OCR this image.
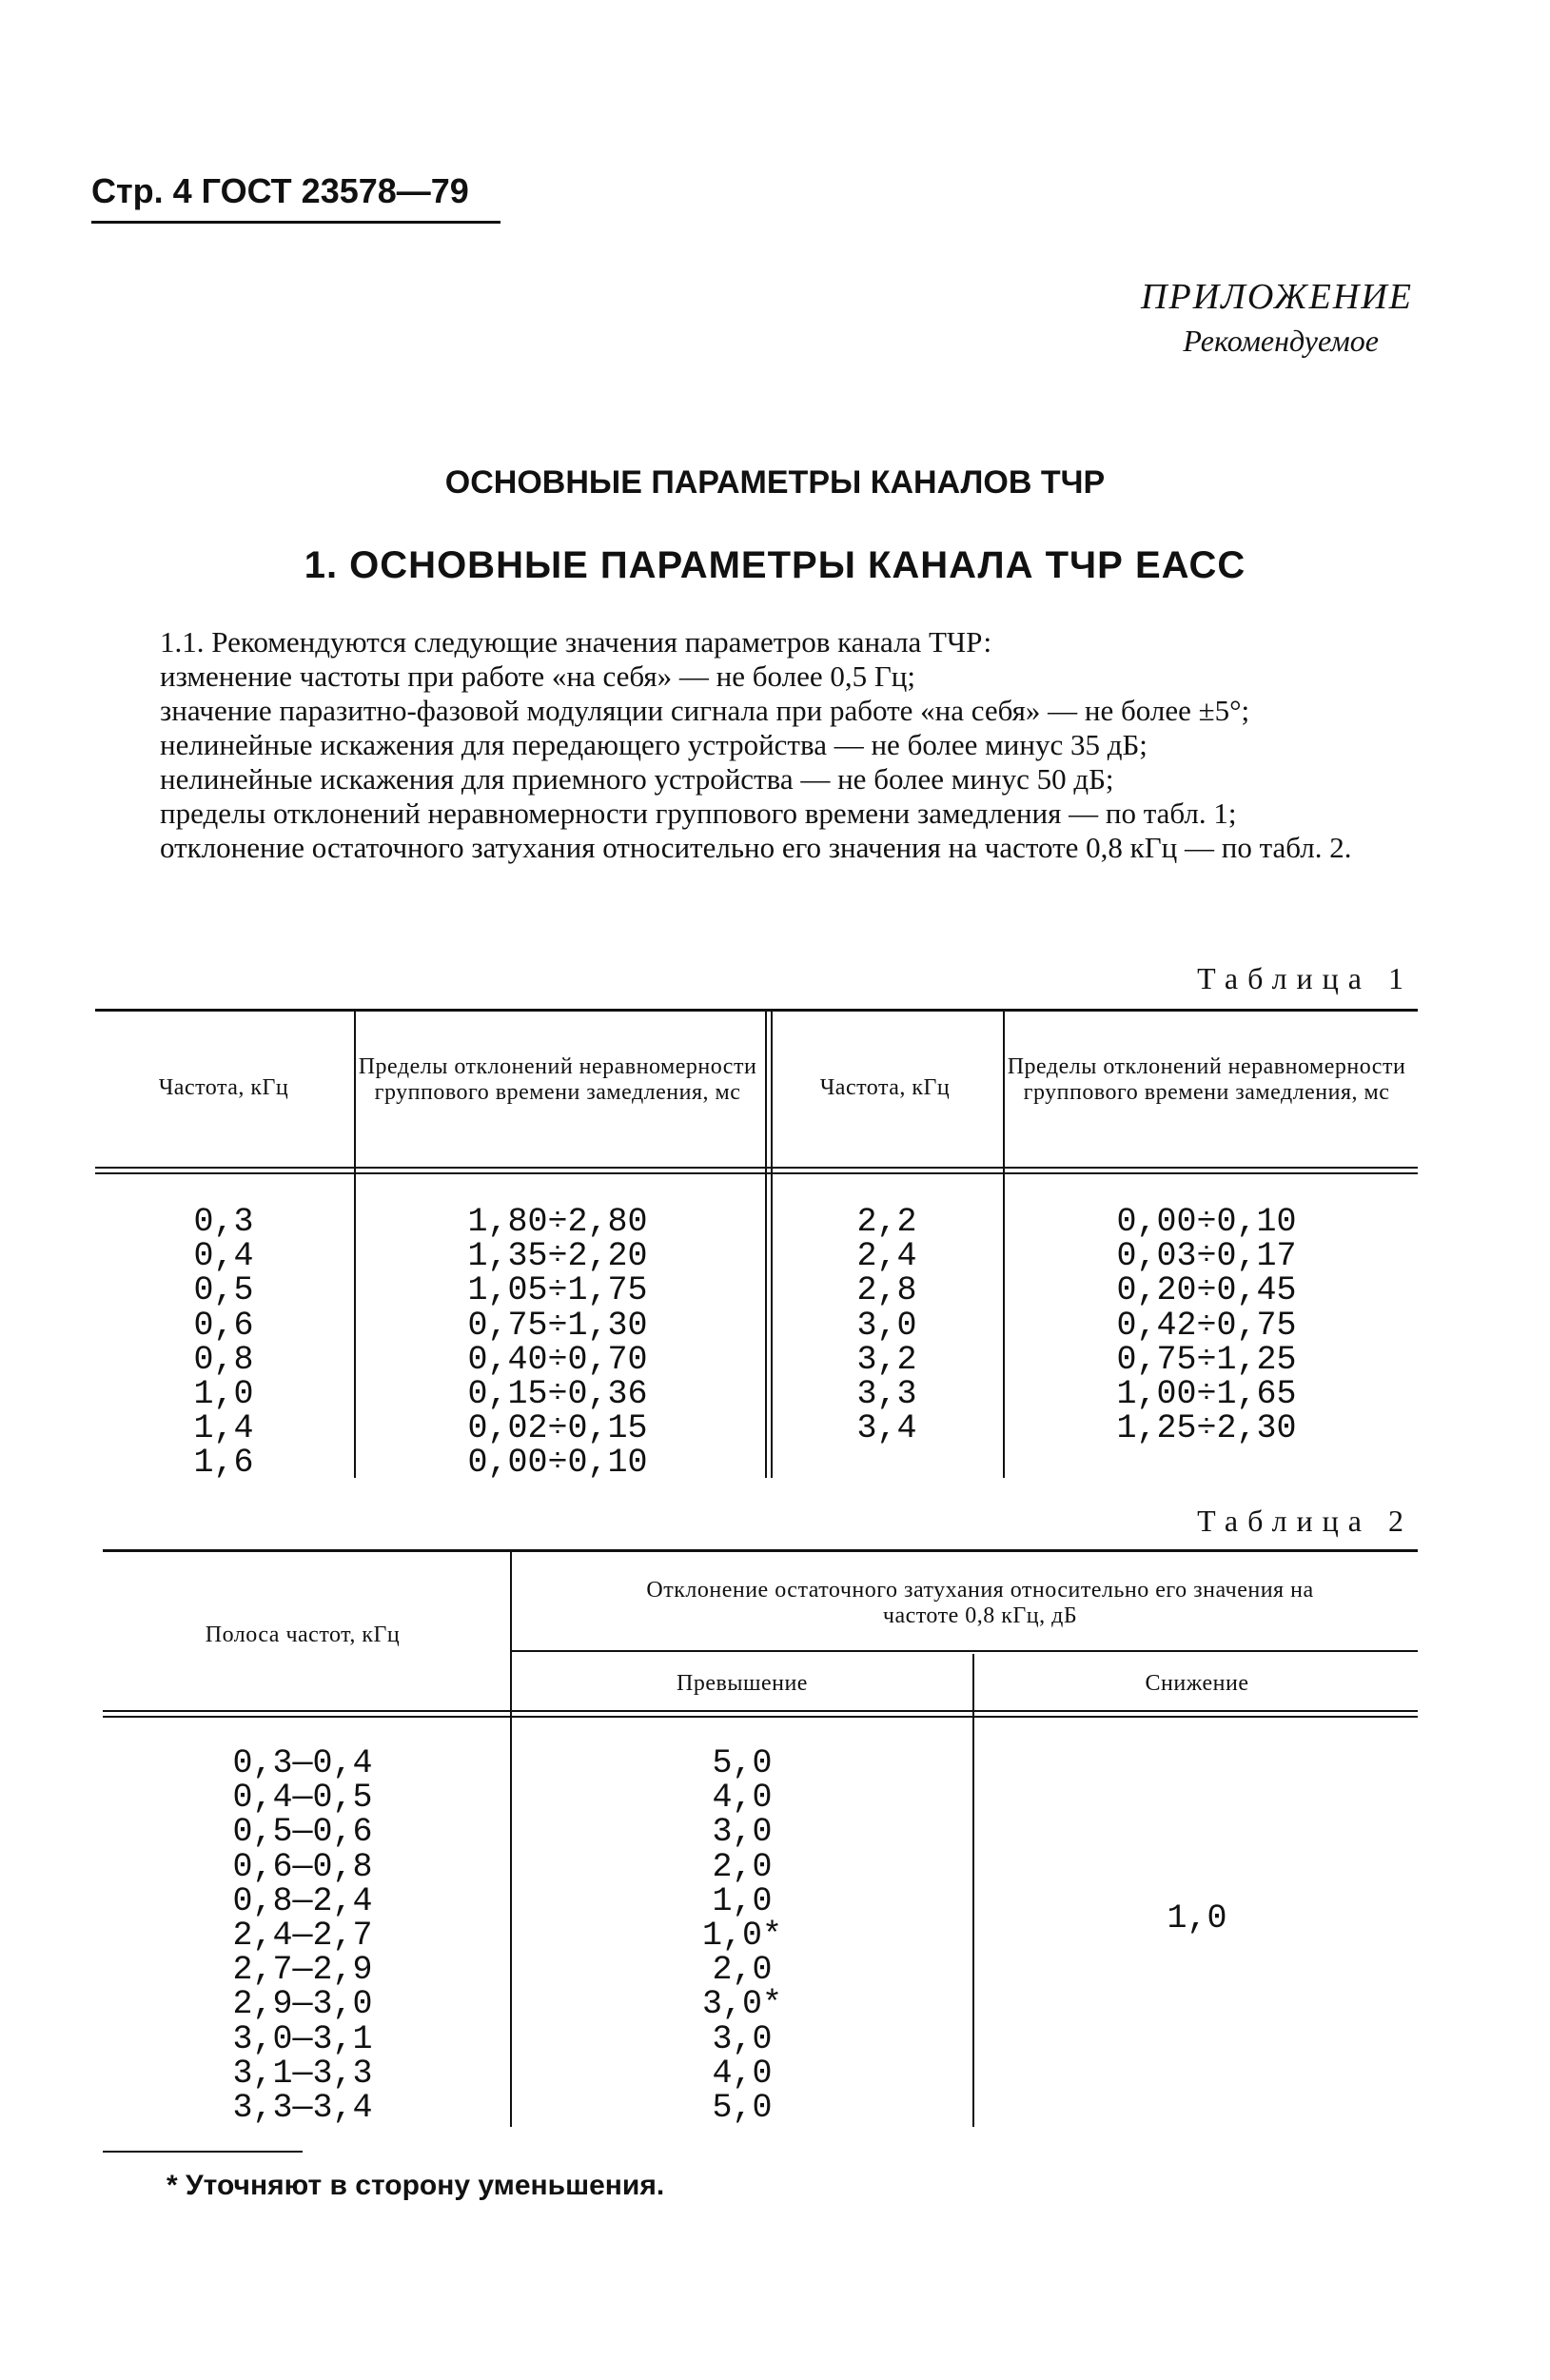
Стр. 4 ГОСТ 23578—79
ПРИЛОЖЕНИЕ
Рекомендуемое
ОСНОВНЫЕ ПАРАМЕТРЫ КАНАЛОВ ТЧР
1. ОСНОВНЫЕ ПАРАМЕТРЫ КАНАЛА ТЧР ЕАСС

1.1. Рекомендуются следующие значения параметров канала ТЧР:

изменение частоты при работе «на себя» — не более 0,5 Гц;

значение паразитно-фазовой модуляции сигнала при работе «на себя» — не более ±5°;

нелинейные искажения для передающего устройства — не более минус 35 дБ;

нелинейные искажения для приемного устройства — не более минус 50 дБ;

пределы отклонений неравномерности группового времени замедления — по табл. 1;

отклонение остаточного затухания относительно его значения на частоте 0,8 кГц — по табл. 2.

Таблица 1
Частота, кГц
Пределы отклонений неравномерности группового времени замедления, мс	Частота, кГц
Пределы отклонений неравномерности группового времени замедления, мс
0,3
0,4
0,5
0,6
0,8
1,0
1,4
1,6
1,80÷2,80
1,35÷2,20
1,05÷1,75
0,75÷1,30
0,40÷0,70
0,15÷0,36
0,02÷0,15
0,00÷0,10
2,2
2,4
2,8
3,0
3,2
3,3
3,4
0,00÷0,10
0,03÷0,17
0,20÷0,45
0,42÷0,75
0,75÷1,25
1,00÷1,65
1,25÷2,30
Таблица 2
Полоса частот, кГц
Отклонение остаточного затухания относительно его значения на частоте 0,8 кГц, дБ
Превышение	Снижение
0,3—0,4
0,4—0,5
0,5—0,6
0,6—0,8
0,8—2,4
2,4—2,7
2,7—2,9
2,9—3,0
3,0—3,1
3,1—3,3
3,3—3,4
5,0
4,0
3,0
2,0
1,0
1,0*
2,0
3,0*
3,0
4,0
5,0
1,0
* Уточняют в сторону уменьшения.
